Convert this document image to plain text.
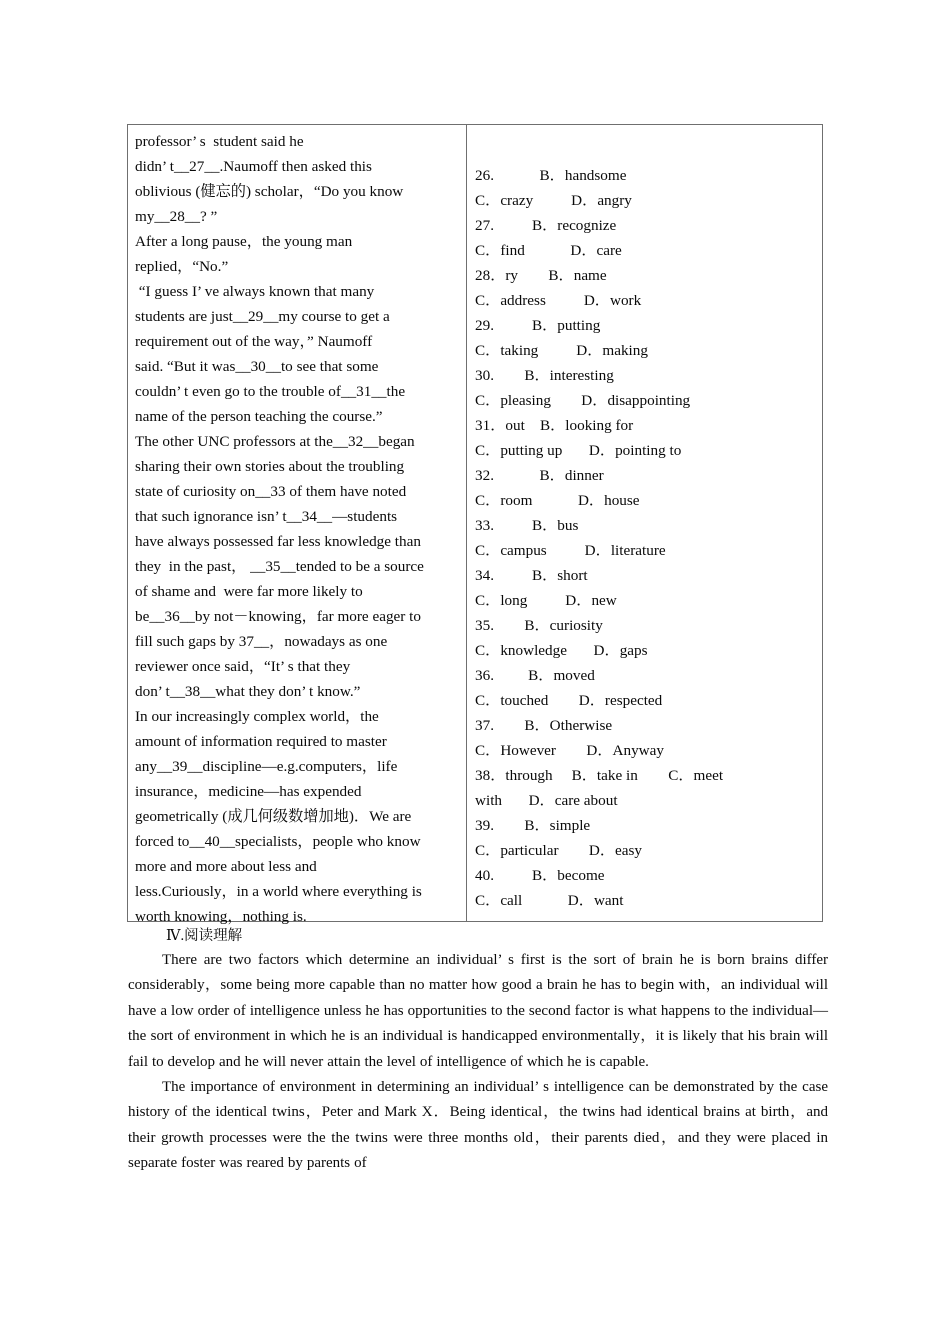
professor’ s  student said he
didn’ t__27__.Naumoff then asked this
oblivious (健忘的) scholar，“Do you know
my__28__? ”
After a long pause，the young man
replied，“No.”
“I guess I’ ve always known that many
students are just__29__my course to get a
requirement out of the way，” Naumoff
said. “But it was__30__to see that some
couldn’ t even go to the trouble of__31__the
name of the person teaching the course.”
The other UNC professors at the__32__began
sharing their own stories about the troubling
state of curiosity on__33 of them have noted
that such ignorance isn’ t__34__—students
have always possessed far less knowledge than
they  in the past， __35__tended to be a source
of shame and  were far more likely to
be__36__by not－knowing，far more eager to
fill such gaps by 37__，nowadays as one
reviewer once said，“It’ s that they
don’ t__38__what they don’ t know.”
In our increasingly complex world，the
amount of information required to master
any__39__discipline—e.g.computers，life
insurance，medicine—has expended
geometrically (成几何级数增加地)．We are
forced to__40__specialists，people who know
more and more about less and
less.Curiously，in a world where everything is
worth knowing，nothing is.
26.            B．handsome
C．crazy          D．angry
27.          B．recognize
C．find            D．care
28．ry        B．name
C．address          D．work
29.          B．putting
C．taking          D．making
30.        B．interesting
C．pleasing        D．disappointing
31．out    B．looking for
C．putting up       D．pointing to
32.            B．dinner
C．room            D．house
33.          B．bus
C．campus          D．literature
34.          B．short
C．long          D．new
35.        B．curiosity
C．knowledge       D．gaps
36.         B．moved
C．touched        D．respected
37.        B．Otherwise
C．However        D．Anyway
38．through     B．take in        C．meet
with       D．care about
39.        B．simple
C．particular        D．easy
40.          B．become
C．call            D．want
Ⅳ.阅读理解

There are two factors which determine an individual’ s first is the sort of brain he is born brains differ considerably，some being more capable than no matter how good a brain he has to begin with，an individual will have a low order of intelligence unless he has opportunities to the second factor is what happens to the individual—the sort of environment in which he is an individual is handicapped environmentally，it is likely that his brain will fail to develop and he will never attain the level of intelligence of which he is capable.

The importance of environment in determining an individual’ s intelligence can be demonstrated by the case history of the identical twins，Peter and Mark X．Being identical，the twins had identical brains at birth，and their growth processes were the the twins were three months old，their parents died，and they were placed in separate foster was reared by parents of
